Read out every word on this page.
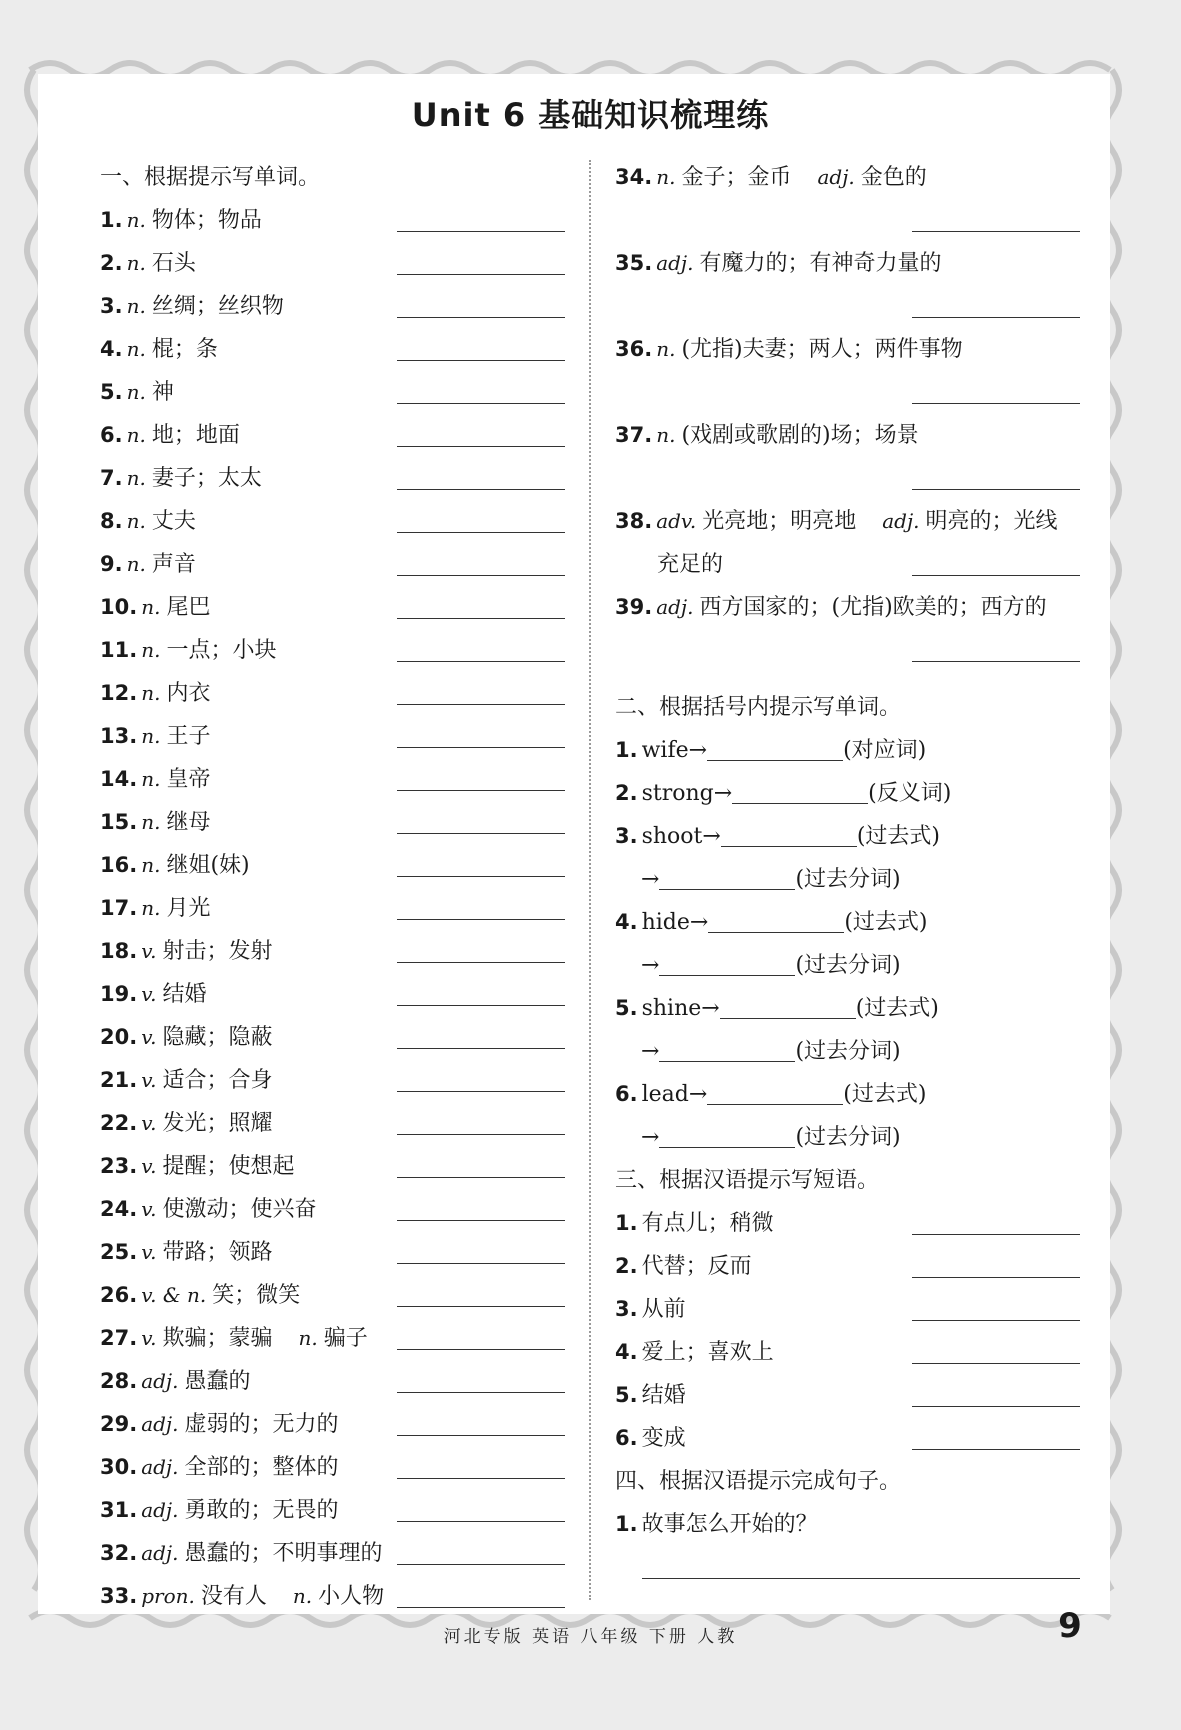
Unit 6 基础知识梳理练
一、根据提示写单词。
1. n. 物体；物品
2. n. 石头
3. n. 丝绸；丝织物
4. n. 棍；条
5. n. 神
6. n. 地；地面
7. n. 妻子；太太
8. n. 丈夫
9. n. 声音
10. n. 尾巴
11. n. 一点；小块
12. n. 内衣
13. n. 王子
14. n. 皇帝
15. n. 继母
16. n. 继姐(妹)
17. n. 月光
18. v. 射击；发射
19. v. 结婚
20. v. 隐藏；隐蔽
21. v. 适合；合身
22. v. 发光；照耀
23. v. 提醒；使想起
24. v. 使激动；使兴奋
25. v. 带路；领路
26. v. & n. 笑；微笑
27. v. 欺骗；蒙骗 n. 骗子
28. adj. 愚蠢的
29. adj. 虚弱的；无力的
30. adj. 全部的；整体的
31. adj. 勇敢的；无畏的
32. adj. 愚蠢的；不明事理的
33. pron. 没有人 n. 小人物
34. n. 金子；金币 adj. 金色的
35. adj. 有魔力的；有神奇力量的
36. n. (尤指)夫妻；两人；两件事物
37. n. (戏剧或歌剧的)场；场景
38. adv. 光亮地；明亮地 adj. 明亮的；光线
充足的
39. adj. 西方国家的；(尤指)欧美的；西方的
二、根据括号内提示写单词。
1. wife→	(对应词)
2. strong→	(反义词)
3. shoot→	(过去式)
→	(过去分词)
4. hide→	(过去式)
→	(过去分词)
5. shine→	(过去式)
→	(过去分词)
6. lead→	(过去式)
→	(过去分词)
三、根据汉语提示写短语。
1. 有点儿；稍微
2. 代替；反而
3. 从前
4. 爱上；喜欢上
5. 结婚
6. 变成
四、根据汉语提示完成句子。
1. 故事怎么开始的？
河北专版 英语 八年级 下册 人教	9
